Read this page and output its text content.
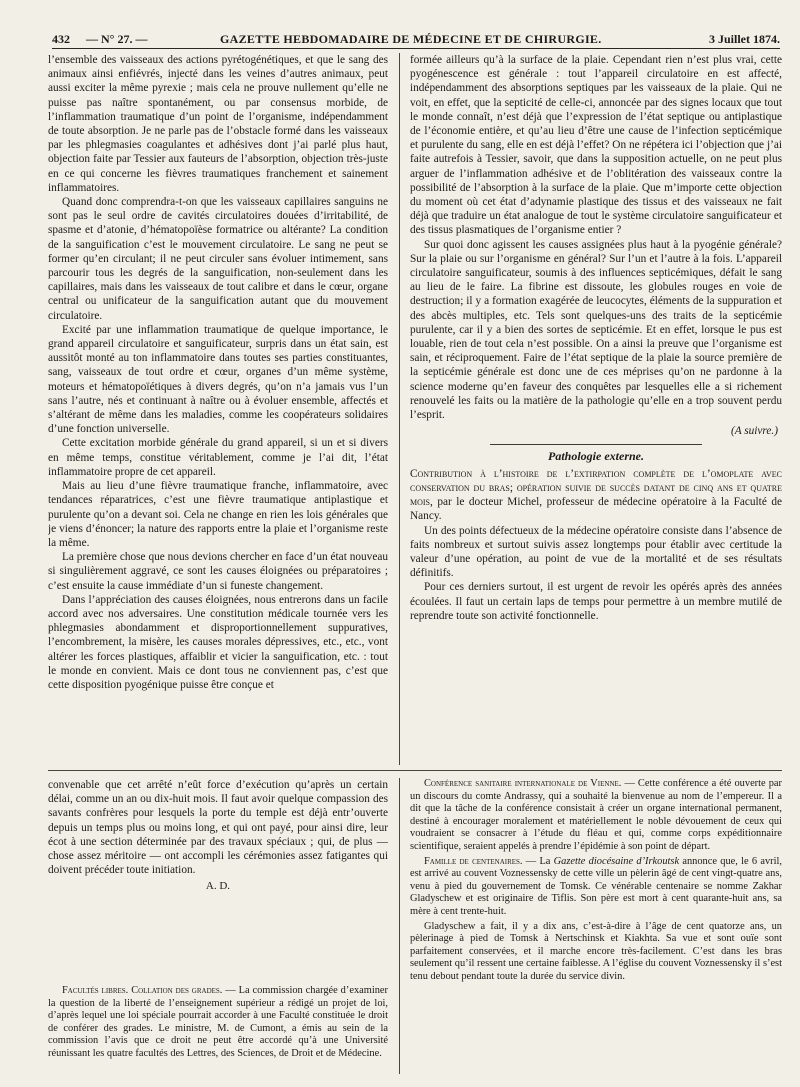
432 — N° 27. —	GAZETTE HEBDOMADAIRE DE MÉDECINE ET DE CHIRURGIE.	3 Juillet 1874.

l’ensemble des vaisseaux des actions pyrétogénétiques, et que le sang des animaux ainsi enfiévrés, injecté dans les veines d’autres animaux, peut aussi exciter la même pyrexie ; mais cela ne prouve nullement qu’elle ne puisse pas naître spontanément, ou par consensus morbide, de l’inflammation traumatique d’un point de l’organisme, indépendamment de toute absorption. Je ne parle pas de l’obstacle formé dans les vaisseaux par les phlegmasies coagulantes et adhésives dont j’ai parlé plus haut, objection faite par Tessier aux fauteurs de l’absorption, objection très-juste en ce qui concerne les fièvres traumatiques franchement et sainement inflammatoires.

Quand donc comprendra-t-on que les vaisseaux capillaires sanguins ne sont pas le seul ordre de cavités circulatoires douées d’irritabilité, de spasme et d’atonie, d’hématopoïèse formatrice ou altérante? La condition de la sanguification c’est le mouvement circulatoire. Le sang ne peut se former qu’en circulant; il ne peut circuler sans évoluer intimement, sans parcourir tous les degrés de la sanguification, non-seulement dans les capillaires, mais dans les vaisseaux de tout calibre et dans le cœur, organe central ou unificateur de la sanguification autant que du mouvement circulatoire.

Excité par une inflammation traumatique de quelque importance, le grand appareil circulatoire et sanguificateur, surpris dans un état sain, est aussitôt monté au ton inflammatoire dans toutes ses parties constituantes, sang, vaisseaux de tout ordre et cœur, organes d’un même système, moteurs et hématopoïétiques à divers degrés, qu’on n’a jamais vus l’un sans l’autre, nés et continuant à naître ou à évoluer ensemble, affectés et s’altérant de même dans les maladies, comme les coopérateurs solidaires d’une fonction universelle.

Cette excitation morbide générale du grand appareil, si un et si divers en même temps, constitue véritablement, comme je l’ai dit, l’état inflammatoire propre de cet appareil.

Mais au lieu d’une fièvre traumatique franche, inflammatoire, avec tendances réparatrices, c’est une fièvre traumatique antiplastique et purulente qu’on a devant soi. Cela ne change en rien les lois générales que je viens d’énoncer; la nature des rapports entre la plaie et l’organisme reste la même.

La première chose que nous devions chercher en face d’un état nouveau si singulièrement aggravé, ce sont les causes éloignées ou préparatoires ; c’est ensuite la cause immédiate d’un si funeste changement.

Dans l’appréciation des causes éloignées, nous entrerons dans un facile accord avec nos adversaires. Une constitution médicale tournée vers les phlegmasies abondamment et disproportionnellement suppuratives, l’encombrement, la misère, les causes morales dépressives, etc., etc., vont altérer les forces plastiques, affaiblir et vicier la sanguification, etc. : tout le monde en convient. Mais ce dont tous ne conviennent pas, c’est que cette disposition pyogénique puisse être conçue et

formée ailleurs qu’à la surface de la plaie. Cependant rien n’est plus vrai, cette pyogénescence est générale : tout l’appareil circulatoire en est affecté, indépendamment des absorptions septiques par les vaisseaux de la plaie. Qui ne voit, en effet, que la septicité de celle-ci, annoncée par des signes locaux que tout le monde connaît, n’est déjà que l’expression de l’état septique ou antiplastique de l’économie entière, et qu’au lieu d’être une cause de l’infection septicémique et purulente du sang, elle en est déjà l’effet? On ne répétera ici l’objection que j’ai faite autrefois à Tessier, savoir, que dans la supposition actuelle, on ne peut plus arguer de l’inflammation adhésive et de l’oblitération des vaisseaux contre la possibilité de l’absorption à la surface de la plaie. Que m’importe cette objection du moment où cet état d’adynamie plastique des tissus et des vaisseaux ne fait déjà que traduire un état analogue de tout le système circulatoire sanguificateur et des tissus plasmatiques de l’organisme entier ?

Sur quoi donc agissent les causes assignées plus haut à la pyogénie générale? Sur la plaie ou sur l’organisme en général? Sur l’un et l’autre à la fois. L’appareil circulatoire sanguificateur, soumis à des influences septicémiques, défait le sang au lieu de le faire. La fibrine est dissoute, les globules rouges en voie de destruction; il y a formation exagérée de leucocytes, éléments de la suppuration et des abcès multiples, etc. Tels sont quelques-uns des traits de la septicémie purulente, car il y a bien des sortes de septicémie. Et en effet, lorsque le pus est louable, rien de tout cela n’est possible. On a ainsi la preuve que l’organisme est sain, et réciproquement. Faire de l’état septique de la plaie la source première de la septicémie générale est donc une de ces méprises qu’on ne pardonne à la science moderne qu’en faveur des conquêtes par lesquelles elle a si richement renouvelé les faits ou la matière de la pathologie qu’elle en a trop souvent perdu l’esprit.

(A suivre.)
Pathologie externe.

Contribution à l’histoire de l’extirpation complète de l’omoplate avec conservation du bras; opération suivie de succès datant de cinq ans et quatre mois, par le docteur Michel, professeur de médecine opératoire à la Faculté de Nancy.

Un des points défectueux de la médecine opératoire consiste dans l’absence de faits nombreux et surtout suivis assez longtemps pour établir avec certitude la valeur d’une opération, au point de vue de la mortalité et de ses résultats définitifs.

Pour ces derniers surtout, il est urgent de revoir les opérés après des années écoulées. Il faut un certain laps de temps pour permettre à un membre mutilé de reprendre toute son activité fonctionnelle.

convenable que cet arrêté n’eût force d’exécution qu’après un certain délai, comme un an ou dix-huit mois. Il faut avoir quelque compassion des savants confrères pour lesquels la porte du temple est déjà entr’ouverte depuis un temps plus ou moins long, et qui ont payé, pour ainsi dire, leur écot à une section déterminée par des travaux spéciaux ; qui, de plus — chose assez méritoire — ont accompli les cérémonies assez fatigantes qui doivent précéder toute initiation.

A. D.

Facultés libres. Collation des grades. — La commission chargée d’examiner la question de la liberté de l’enseignement supérieur a rédigé un projet de loi, d’après lequel une loi spéciale pourrait accorder à une Faculté constituée le droit de conférer des grades. Le ministre, M. de Cumont, a émis au sein de la commission l’avis que ce droit ne peut être accordé qu’à une Université réunissant les quatre facultés des Lettres, des Sciences, de Droit et de Médecine.

Conférence sanitaire internationale de Vienne. — Cette conférence a été ouverte par un discours du comte Andrassy, qui a souhaité la bienvenue au nom de l’empereur. Il a dit que la tâche de la conférence consistait à créer un organe international permanent, destiné à encourager moralement et matériellement le noble dévouement de ceux qui voudraient se consacrer à l’étude du fléau et qui, comme corps expéditionnaire scientifique, seraient appelés à prendre l’épidémie à son point de départ.

Famille de centenaires. — La Gazette diocésaine d’Irkoutsk annonce que, le 6 avril, est arrivé au couvent Voznessensky de cette ville un pèlerin âgé de cent vingt-quatre ans, venu à pied du gouvernement de Tomsk. Ce vénérable centenaire se nomme Zakhar Gladyschew et est originaire de Tiflis. Son père est mort à cent quarante-huit ans, sa mère à cent trente-huit.

Gladyschew a fait, il y a dix ans, c’est-à-dire à l’âge de cent quatorze ans, un pèlerinage à pied de Tomsk à Nertschinsk et Kiakhta. Sa vue et sont ouïe sont parfaitement conservées, et il marche encore très-facilement. C’est dans les bras seulement qu’il ressent une certaine faiblesse. A l’église du couvent Voznessensky il s’est tenu debout pendant toute la durée du service divin.
